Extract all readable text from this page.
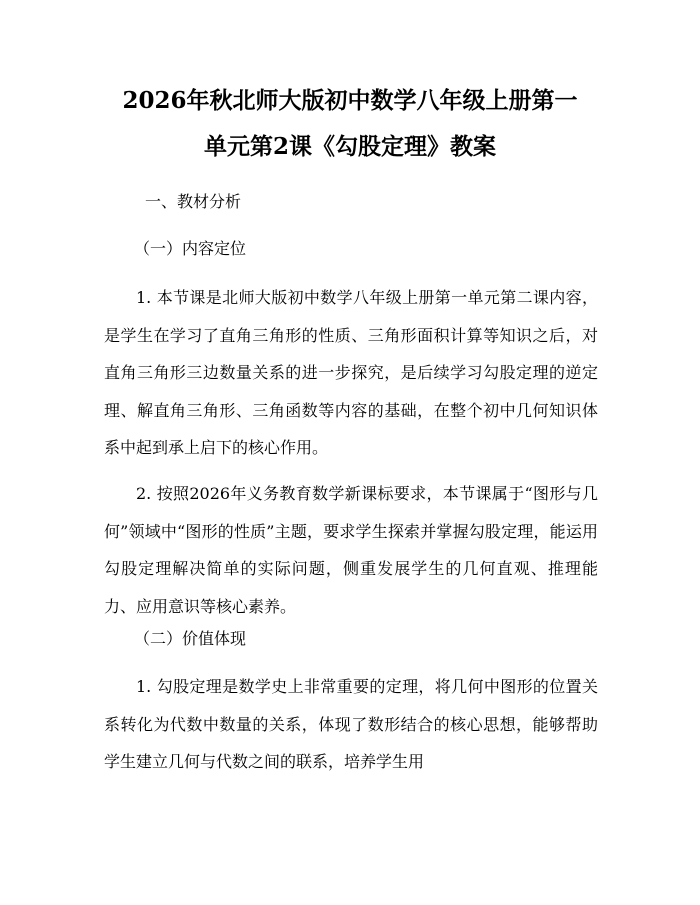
2026年秋北师大版初中数学八年级上册第一
单元第2课《勾股定理》教案
一、教材分析
（一）内容定位
1. 本节课是北师大版初中数学八年级上册第一单元第二课内容，是学生在学习了直角三角形的性质、三角形面积计算等知识之后，对直角三角形三边数量关系的进一步探究，是后续学习勾股定理的逆定理、解直角三角形、三角函数等内容的基础，在整个初中几何知识体系中起到承上启下的核心作用。
2. 按照2026年义务教育数学新课标要求，本节课属于“图形与几何”领域中“图形的性质”主题，要求学生探索并掌握勾股定理，能运用勾股定理解决简单的实际问题，侧重发展学生的几何直观、推理能力、应用意识等核心素养。
（二）价值体现
1. 勾股定理是数学史上非常重要的定理，将几何中图形的位置关系转化为代数中数量的关系，体现了数形结合的核心思想，能够帮助学生建立几何与代数之间的联系，培养学生用
